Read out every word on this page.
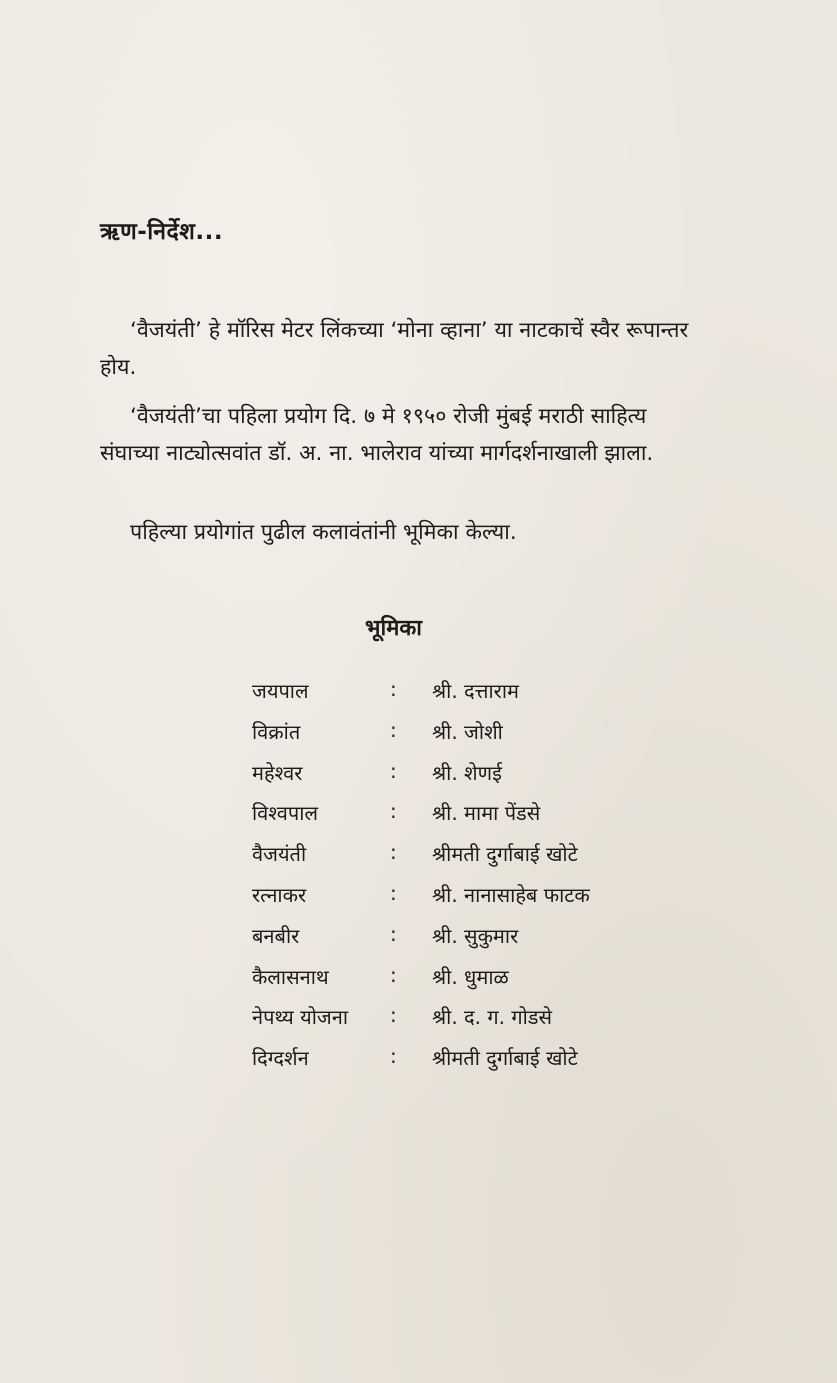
ऋण-निर्देश...

‘वैजयंती’ हे मॉरिस मेटर लिंकच्या ‘मोना व्हाना’ या नाटकाचें स्वैर रूपान्तर होय.

‘वैजयंती’चा पहिला प्रयोग दि. ७ मे १९५० रोजी मुंबई मराठी साहित्य संघाच्या नाट्योत्सवांत डॉ. अ. ना. भालेराव यांच्या मार्गदर्शनाखाली झाला.

पहिल्या प्रयोगांत पुढील कलावंतांनी भूमिका केल्या.

भूमिका
जयपाल	: श्री. दत्ताराम
विक्रांत	: श्री. जोशी
महेश्वर	: श्री. शेणई
विश्वपाल	: श्री. मामा पेंडसे
वैजयंती	: श्रीमती दुर्गाबाई खोटे
रत्नाकर	: श्री. नानासाहेब फाटक
बनबीर	: श्री. सुकुमार
कैलासनाथ	: श्री. धुमाळ
नेपथ्य योजना : श्री. द. ग. गोडसे
दिग्दर्शन	: श्रीमती दुर्गाबाई खोटे
